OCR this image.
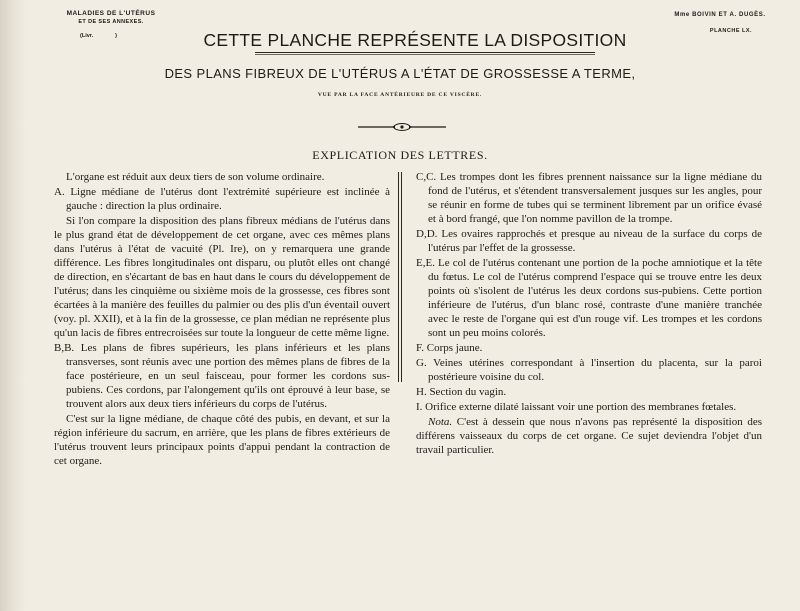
MALADIES DE L'UTÉRUS
ET DE SES ANNEXES.
(Livr.	)
Mme BOIVIN ET A. DUGÈS.
PLANCHE LX.
CETTE PLANCHE REPRÉSENTE LA DISPOSITION
DES PLANS FIBREUX DE L'UTÉRUS A L'ÉTAT DE GROSSESSE A TERME,
VUE PAR LA FACE ANTÉRIEURE DE CE VISCÈRE.
EXPLICATION DES LETTRES.

L'organe est réduit aux deux tiers de son volume ordinaire.

A. Ligne médiane de l'utérus dont l'extrémité supérieure est inclinée à gauche : direction la plus ordinaire.

Si l'on compare la disposition des plans fibreux médians de l'utérus dans le plus grand état de développement de cet organe, avec ces mêmes plans dans l'utérus à l'état de vacuité (Pl. Ire), on y remarquera une grande différence. Les fibres longitudinales ont disparu, ou plutôt elles ont changé de direction, en s'écartant de bas en haut dans le cours du développement de l'utérus; dans les cinquième ou sixième mois de la grossesse, ces fibres sont écartées à la manière des feuilles du palmier ou des plis d'un éventail ouvert (voy. pl. XXII), et à la fin de la grossesse, ce plan médian ne représente plus qu'un lacis de fibres entrecroisées sur toute la longueur de cette même ligne.

B,B. Les plans de fibres supérieurs, les plans inférieurs et les plans transverses, sont réunis avec une portion des mêmes plans de fibres de la face postérieure, en un seul faisceau, pour former les cordons sus-pubiens. Ces cordons, par l'alongement qu'ils ont éprouvé à leur base, se trouvent alors aux deux tiers inférieurs du corps de l'utérus.

C'est sur la ligne médiane, de chaque côté des pubis, en devant, et sur la région inférieure du sacrum, en arrière, que les plans de fibres extérieurs de l'utérus trouvent leurs principaux points d'appui pendant la contraction de cet organe.

C,C. Les trompes dont les fibres prennent naissance sur la ligne médiane du fond de l'utérus, et s'étendent transversalement jusques sur les angles, pour se réunir en forme de tubes qui se terminent librement par un orifice évasé et à bord frangé, que l'on nomme pavillon de la trompe.

D,D. Les ovaires rapprochés et presque au niveau de la surface du corps de l'utérus par l'effet de la grossesse.

E,E. Le col de l'utérus contenant une portion de la poche amniotique et la tête du fœtus. Le col de l'utérus comprend l'espace qui se trouve entre les deux points où s'isolent de l'utérus les deux cordons sus-pubiens. Cette portion inférieure de l'utérus, d'un blanc rosé, contraste d'une manière tranchée avec le reste de l'organe qui est d'un rouge vif. Les trompes et les cordons sont un peu moins colorés.

F. Corps jaune.

G. Veines utérines correspondant à l'insertion du placenta, sur la paroi postérieure voisine du col.

H. Section du vagin.

I. Orifice externe dilaté laissant voir une portion des membranes fœtales.

Nota. C'est à dessein que nous n'avons pas représenté la disposition des différens vaisseaux du corps de cet organe. Ce sujet deviendra l'objet d'un travail particulier.
